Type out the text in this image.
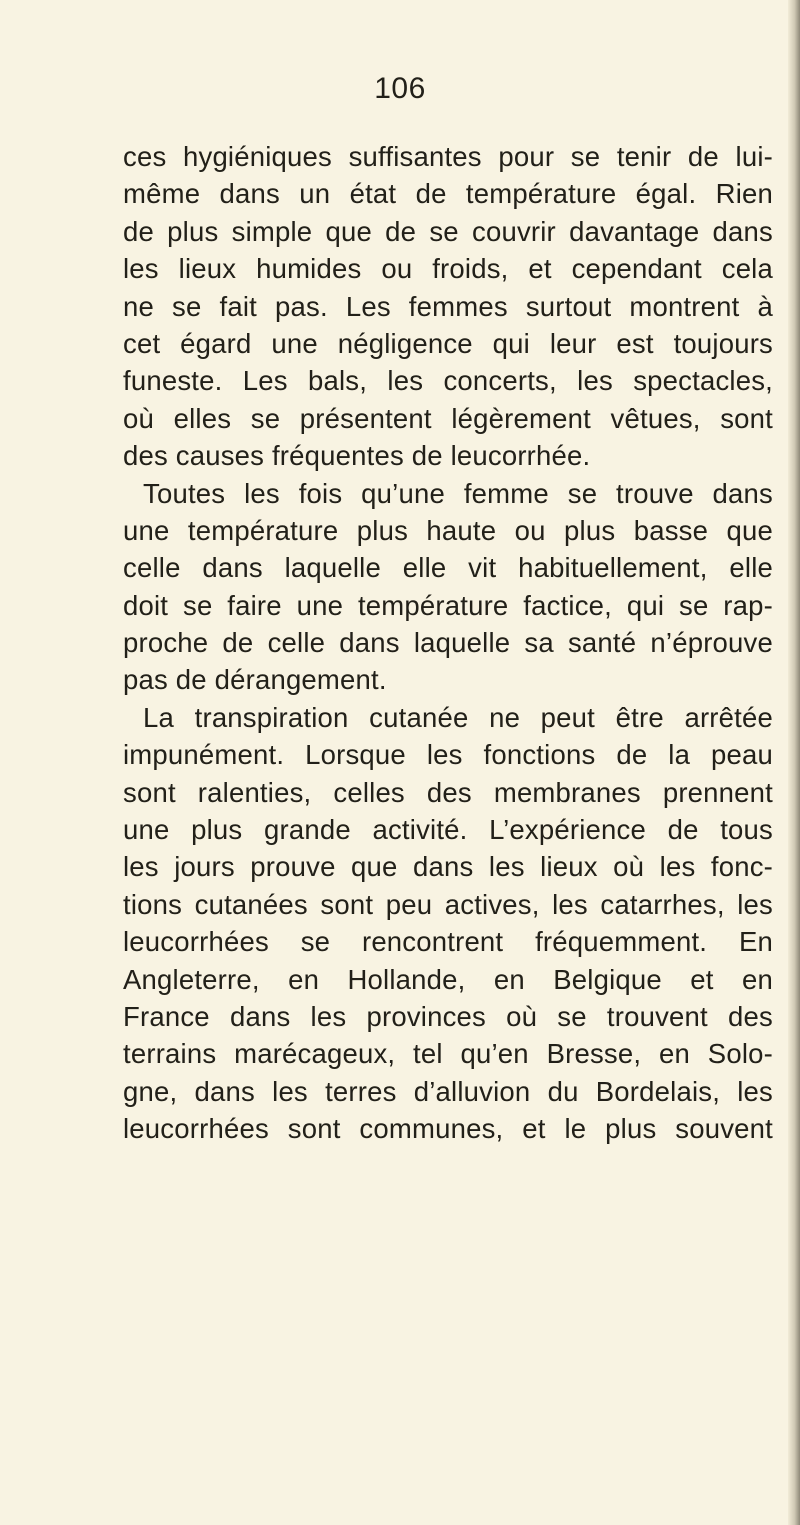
106
ces hygiéniques suffisantes pour se tenir de lui-
même dans un état de température égal. Rien
de plus simple que de se couvrir davantage dans
les lieux humides ou froids, et cependant cela
ne se fait pas. Les femmes surtout montrent à
cet égard une négligence qui leur est toujours
funeste. Les bals, les concerts, les spectacles,
où elles se présentent légèrement vêtues, sont
des causes fréquentes de leucorrhée.
Toutes les fois qu’une femme se trouve dans
une température plus haute ou plus basse que
celle dans laquelle elle vit habituellement, elle
doit se faire une température factice, qui se rap-
proche de celle dans laquelle sa santé n’éprouve
pas de dérangement.
La transpiration cutanée ne peut être arrêtée
impunément. Lorsque les fonctions de la peau
sont ralenties, celles des membranes prennent
une plus grande activité. L’expérience de tous
les jours prouve que dans les lieux où les fonc-
tions cutanées sont peu actives, les catarrhes, les
leucorrhées se rencontrent fréquemment. En
Angleterre, en Hollande, en Belgique et en
France dans les provinces où se trouvent des
terrains marécageux, tel qu’en Bresse, en Solo-
gne, dans les terres d’alluvion du Bordelais, les
leucorrhées sont communes, et le plus souvent
